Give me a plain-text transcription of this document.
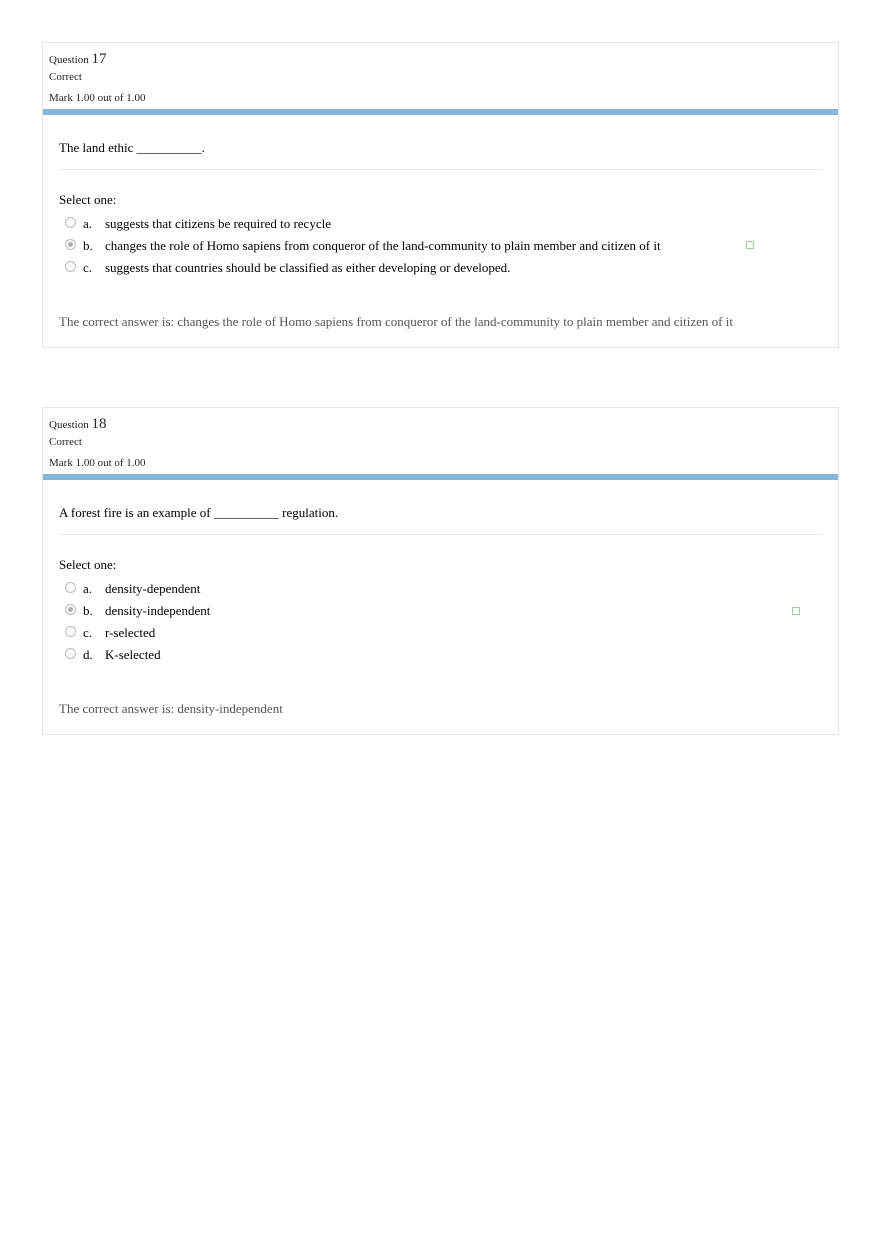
Question 17
Correct
Mark 1.00 out of 1.00
The land ethic __________.
Select one:
a. suggests that citizens be required to recycle
b. changes the role of Homo sapiens from conqueror of the land-community to plain member and citizen of it
c. suggests that countries should be classified as either developing or developed.
The correct answer is: changes the role of Homo sapiens from conqueror of the land-community to plain member and citizen of it
Question 18
Correct
Mark 1.00 out of 1.00
A forest fire is an example of __________ regulation.
Select one:
a. density-dependent
b. density-independent
c. r-selected
d. K-selected
The correct answer is: density-independent
